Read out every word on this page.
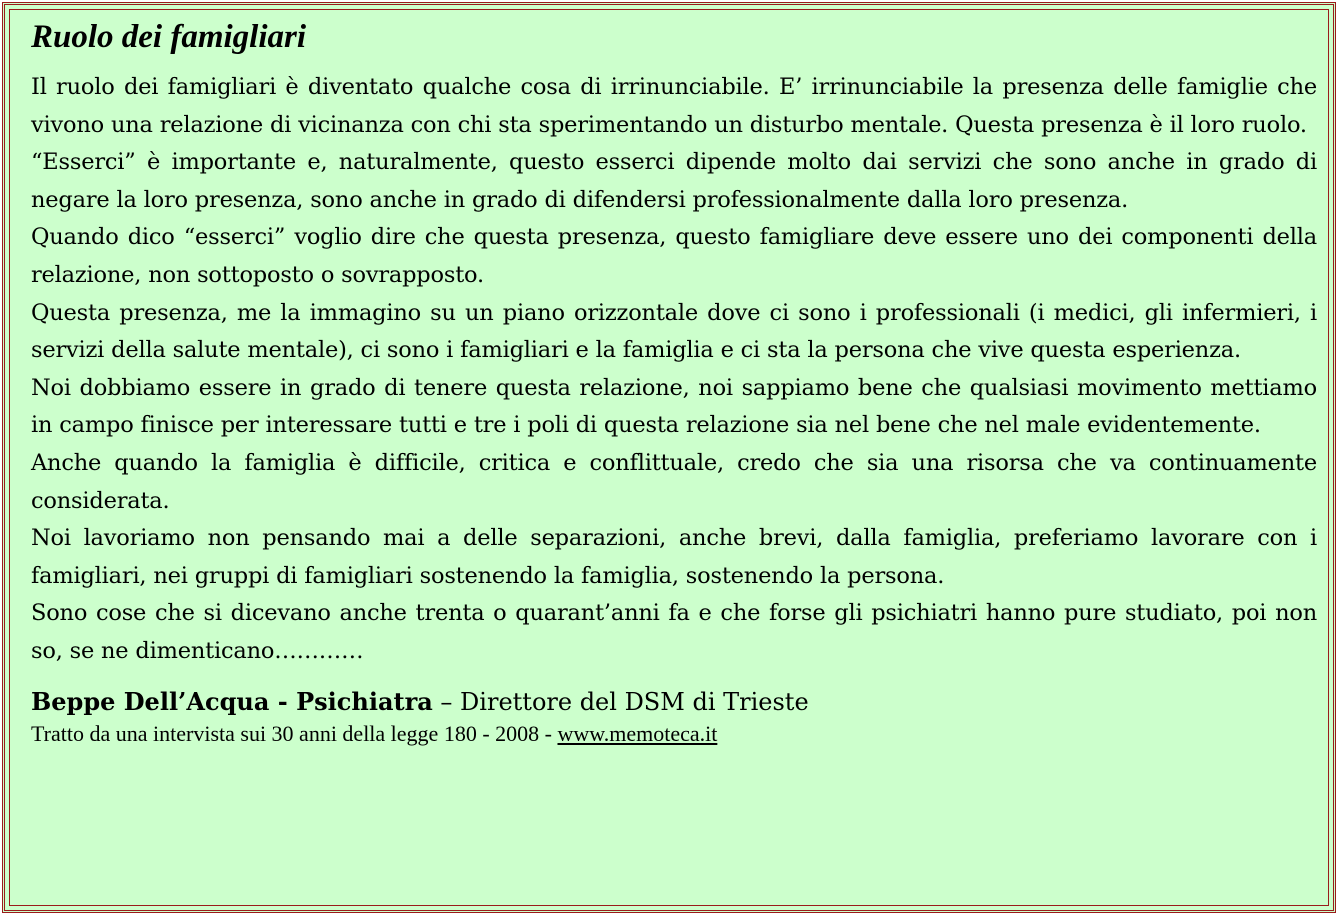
Ruolo dei famigliari

Il ruolo dei famigliari è diventato qualche cosa di irrinunciabile. E’ irrinunciabile la presenza delle famiglie che vivono una relazione di vicinanza con chi sta sperimentando un disturbo mentale. Questa presenza è il loro ruolo.

“Esserci” è importante e, naturalmente, questo esserci dipende molto dai servizi che sono anche in grado di negare la loro presenza, sono anche in grado di difendersi professionalmente dalla loro presenza.

Quando dico “esserci” voglio dire che questa presenza, questo famigliare deve essere uno dei componenti della relazione, non sottoposto o sovrapposto.

Questa presenza, me la immagino su un piano orizzontale dove ci sono i professionali (i medici, gli infermieri, i servizi della salute mentale), ci sono i famigliari e la famiglia e ci sta la persona che vive questa esperienza.

Noi dobbiamo essere in grado di tenere questa relazione, noi sappiamo bene che qualsiasi movimento mettiamo in campo finisce per interessare tutti e tre i poli di questa relazione sia nel bene che nel male evidentemente.

Anche quando la famiglia è difficile, critica e conflittuale, credo che sia una risorsa che va continuamente considerata.

Noi lavoriamo non pensando mai a delle separazioni, anche brevi, dalla famiglia, preferiamo lavorare con i famigliari, nei gruppi di famigliari sostenendo la famiglia, sostenendo la persona.

Sono cose che si dicevano anche trenta o quarant’anni fa e che forse gli psichiatri hanno pure studiato, poi non so, se ne dimenticano…………

Beppe Dell’Acqua - Psichiatra – Direttore del DSM di Trieste
Tratto da una intervista sui 30 anni della legge 180 - 2008 - www.memoteca.it
